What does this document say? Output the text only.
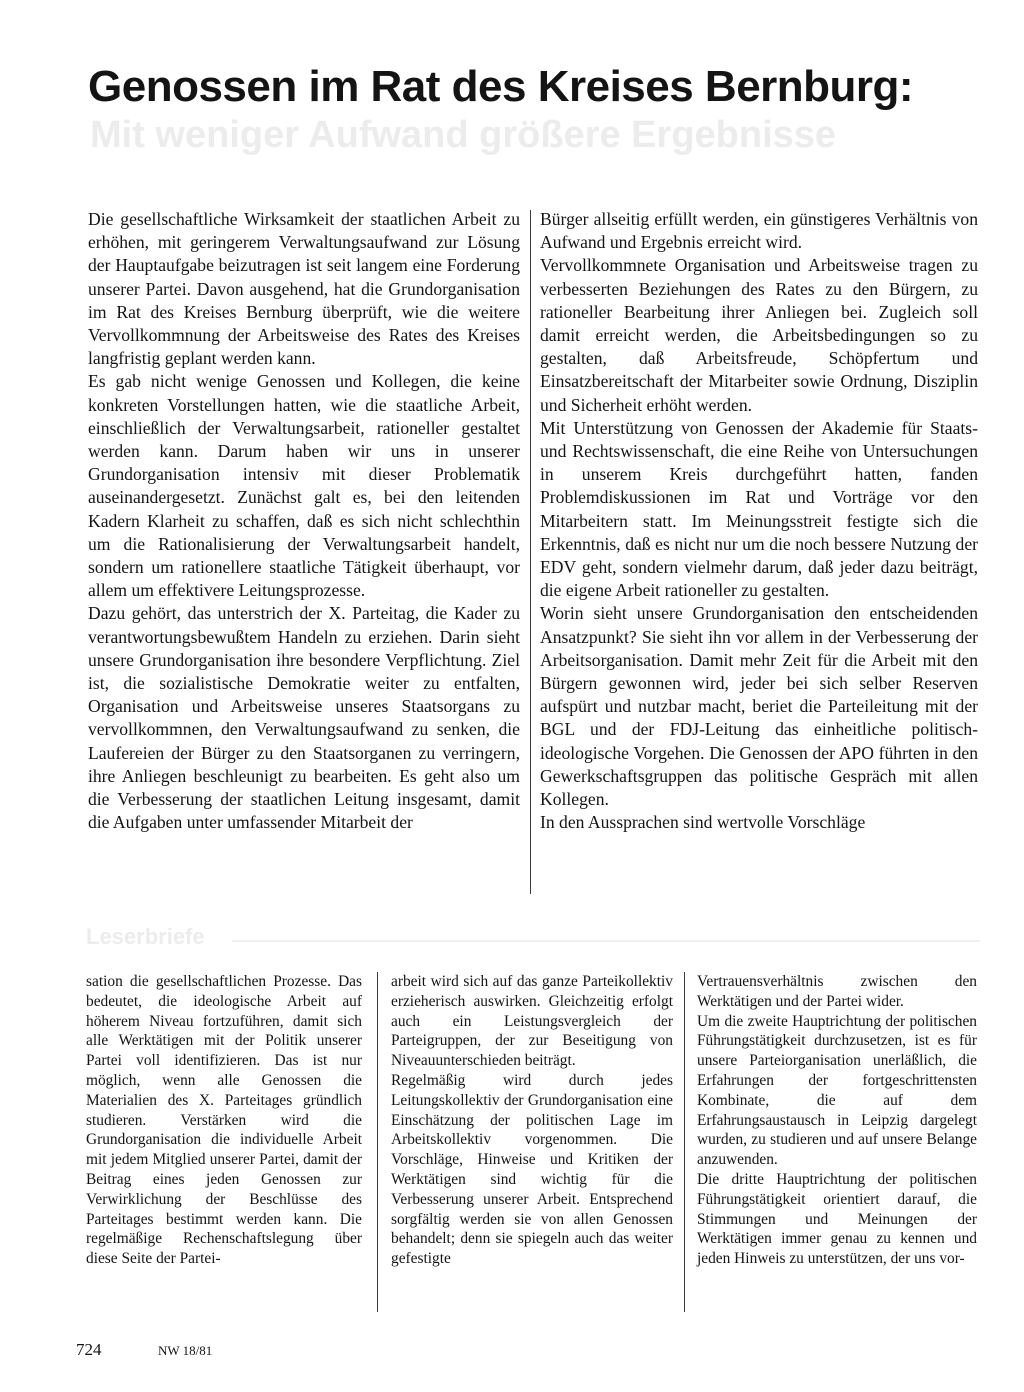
Genossen im Rat des Kreises Bernburg:
Mit weniger Aufwand größere Ergebnisse

Die gesellschaftliche Wirksamkeit der staatlichen Arbeit zu erhöhen, mit geringerem Verwaltungsaufwand zur Lösung der Hauptaufgabe beizutragen ist seit langem eine Forderung unserer Partei. Davon ausgehend, hat die Grundorganisation im Rat des Kreises Bernburg überprüft, wie die weitere Vervollkommnung der Arbeitsweise des Rates des Kreises langfristig geplant werden kann.

Es gab nicht wenige Genossen und Kollegen, die keine konkreten Vorstellungen hatten, wie die staatliche Arbeit, einschließlich der Verwaltungsarbeit, rationeller gestaltet werden kann. Darum haben wir uns in unserer Grundorganisation intensiv mit dieser Problematik auseinandergesetzt. Zunächst galt es, bei den leitenden Kadern Klarheit zu schaffen, daß es sich nicht schlechthin um die Rationalisierung der Verwaltungsarbeit handelt, sondern um rationellere staatliche Tätigkeit überhaupt, vor allem um effektivere Leitungsprozesse.

Dazu gehört, das unterstrich der X. Parteitag, die Kader zu verantwortungsbewußtem Handeln zu erziehen. Darin sieht unsere Grundorganisation ihre besondere Verpflichtung. Ziel ist, die sozialistische Demokratie weiter zu entfalten, Organisation und Arbeitsweise unseres Staatsorgans zu vervollkommnen, den Verwaltungsaufwand zu senken, die Laufereien der Bürger zu den Staatsorganen zu verringern, ihre Anliegen beschleunigt zu bearbeiten. Es geht also um die Verbesserung der staatlichen Leitung insgesamt, damit die Aufgaben unter umfassender Mitarbeit der

Bürger allseitig erfüllt werden, ein günstigeres Verhältnis von Aufwand und Ergebnis erreicht wird.

Vervollkommnete Organisation und Arbeitsweise tragen zu verbesserten Beziehungen des Rates zu den Bürgern, zu rationeller Bearbeitung ihrer Anliegen bei. Zugleich soll damit erreicht werden, die Arbeitsbedingungen so zu gestalten, daß Arbeitsfreude, Schöpfertum und Einsatzbereitschaft der Mitarbeiter sowie Ordnung, Disziplin und Sicherheit erhöht werden.

Mit Unterstützung von Genossen der Akademie für Staats- und Rechtswissenschaft, die eine Reihe von Untersuchungen in unserem Kreis durchgeführt hatten, fanden Problemdiskussionen im Rat und Vorträge vor den Mitarbeitern statt. Im Meinungsstreit festigte sich die Erkenntnis, daß es nicht nur um die noch bessere Nutzung der EDV geht, sondern vielmehr darum, daß jeder dazu beiträgt, die eigene Arbeit rationeller zu gestalten.

Worin sieht unsere Grundorganisation den entscheidenden Ansatzpunkt? Sie sieht ihn vor allem in der Verbesserung der Arbeitsorganisation. Damit mehr Zeit für die Arbeit mit den Bürgern gewonnen wird, jeder bei sich selber Reserven aufspürt und nutzbar macht, beriet die Parteileitung mit der BGL und der FDJ-Leitung das einheitliche politisch-ideologische Vorgehen. Die Genossen der APO führten in den Gewerkschaftsgruppen das politische Gespräch mit allen Kollegen.

In den Aussprachen sind wertvolle Vorschläge

Leserbriefe

sation die gesellschaftlichen Prozesse. Das bedeutet, die ideologische Arbeit auf höherem Niveau fortzuführen, damit sich alle Werktätigen mit der Politik unserer Partei voll identifizieren. Das ist nur möglich, wenn alle Genossen die Materialien des X. Parteitages gründlich studieren. Verstärken wird die Grundorganisation die individuelle Arbeit mit jedem Mitglied unserer Partei, damit der Beitrag eines jeden Genossen zur Verwirklichung der Beschlüsse des Parteitages bestimmt werden kann. Die regelmäßige Rechenschaftslegung über diese Seite der Partei-

arbeit wird sich auf das ganze Parteikollektiv erzieherisch auswirken. Gleichzeitig erfolgt auch ein Leistungsvergleich der Parteigruppen, der zur Beseitigung von Niveauunterschieden beiträgt.

Regelmäßig wird durch jedes Leitungskollektiv der Grundorganisation eine Einschätzung der politischen Lage im Arbeitskollektiv vorgenommen. Die Vorschläge, Hinweise und Kritiken der Werktätigen sind wichtig für die Verbesserung unserer Arbeit. Entsprechend sorgfältig werden sie von allen Genossen behandelt; denn sie spiegeln auch das weiter gefestigte

Vertrauensverhältnis zwischen den Werktätigen und der Partei wider.

Um die zweite Hauptrichtung der politischen Führungstätigkeit durchzusetzen, ist es für unsere Parteiorganisation unerläßlich, die Erfahrungen der fortgeschrittensten Kombinate, die auf dem Erfahrungsaustausch in Leipzig dargelegt wurden, zu studieren und auf unsere Belange anzuwenden.

Die dritte Hauptrichtung der politischen Führungstätigkeit orientiert darauf, die Stimmungen und Meinungen der Werktätigen immer genau zu kennen und jeden Hinweis zu unterstützen, der uns vor-

724	NW 18/81
